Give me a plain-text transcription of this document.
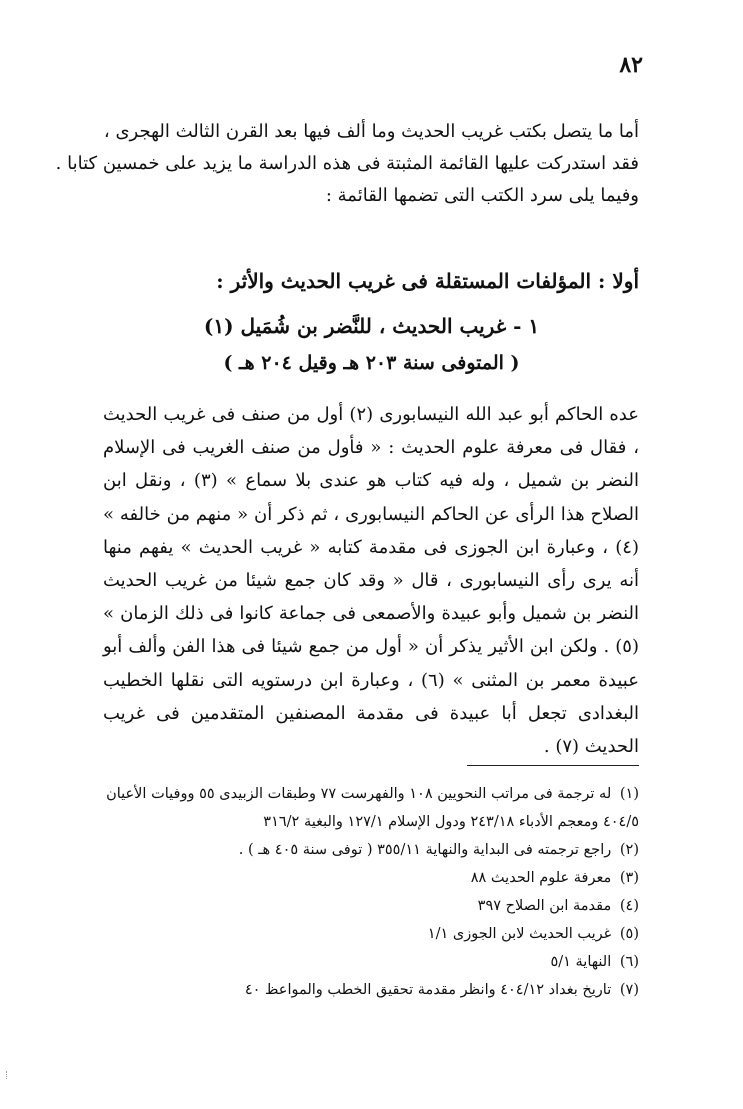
٨٢

أما ما يتصل بكتب غريب الحديث وما ألف فيها بعد القرن الثالث الهجرى ،
فقد استدركت عليها القائمة المثبتة فى هذه الدراسة ما يزيد على خمسين كتابا .
وفيما يلى سرد الكتب التى تضمها القائمة :

أولا : المؤلفات المستقلة فى غريب الحديث والأثر :
١ - غريب الحديث ، للنَّضر بن شُمَيل (١)

( المتوفى سنة ٢٠٣ هـ وقيل ٢٠٤ هـ )

عده الحاكم أبو عبد الله النيسابورى (٢) أول من صنف فى غريب الحديث ، فقال فى معرفة علوم الحديث : « فأول من صنف الغريب فى الإسلام النضر بن شميل ، وله فيه كتاب هو عندى بلا سماع » (٣) ، ونقل ابن الصلاح هذا الرأى عن الحاكم النيسابورى ، ثم ذكر أن « منهم من خالفه » (٤) ، وعبارة ابن الجوزى فى مقدمة كتابه « غريب الحديث » يفهم منها أنه يرى رأى النيسابورى ، قال « وقد كان جمع شيئا من غريب الحديث النضر بن شميل وأبو عبيدة والأصمعى فى جماعة كانوا فى ذلك الزمان » (٥) . ولكن ابن الأثير يذكر أن « أول من جمع شيئا فى هذا الفن وألف أبو عبيدة معمر بن المثنى » (٦) ، وعبارة ابن درستويه التى نقلها الخطيب البغدادى تجعل أبا عبيدة فى مقدمة المصنفين المتقدمين فى غريب الحديث (٧) .

(١) له ترجمة فى مراتب النحويين ١٠٨ والفهرست ٧٧ وطبقات الزبيدى ٥٥ ووفيات الأعيان ٤٠٤/٥ ومعجم الأدباء ٢٤٣/١٨ ودول الإسلام ١٢٧/١ والبغية ٣١٦/٢
(٢) راجع ترجمته فى البداية والنهاية ٣٥٥/١١ ( توفى سنة ٤٠٥ هـ ) .
(٣) معرفة علوم الحديث ٨٨
(٤) مقدمة ابن الصلاح ٣٩٧
(٥) غريب الحديث لابن الجوزى ١/١
(٦) النهاية ٥/١
(٧) تاريخ بغداد ٤٠٤/١٢ وانظر مقدمة تحقيق الخطب والمواعظ ٤٠
